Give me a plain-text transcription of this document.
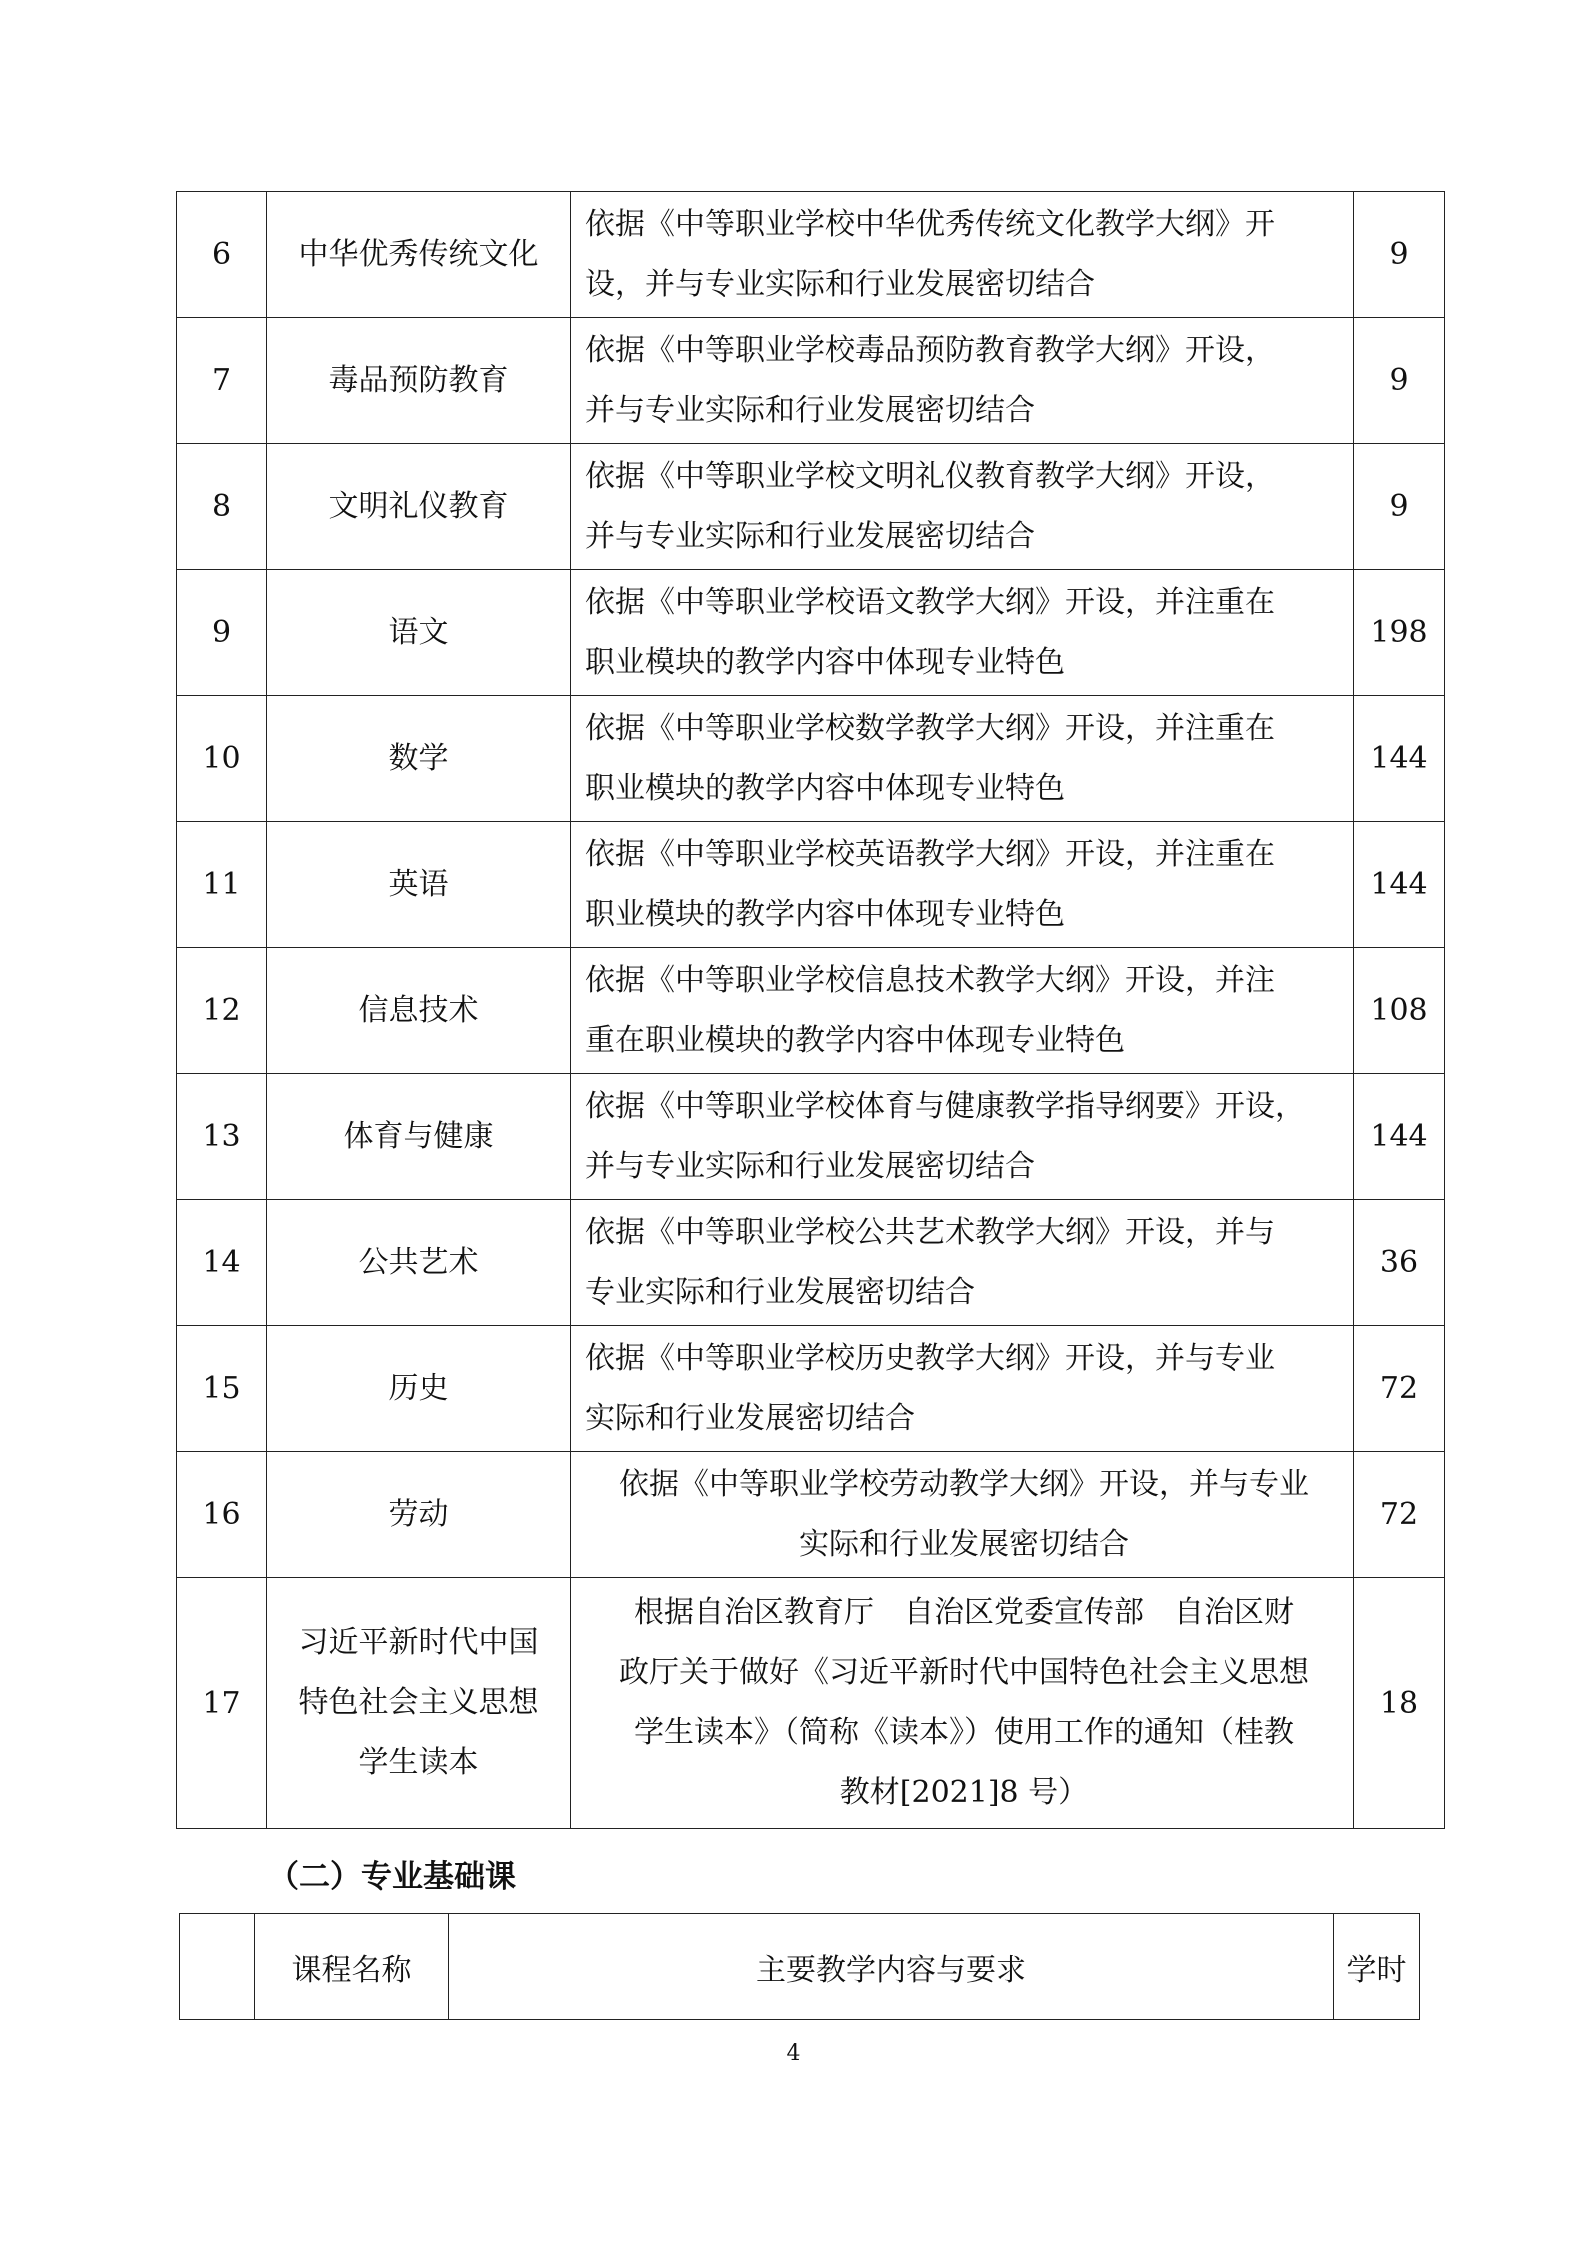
6	中华优秀传统文化	依据《中等职业学校中华优秀传统文化教学大纲》开
设，并与专业实际和行业发展密切结合	9
7	毒品预防教育	依据《中等职业学校毒品预防教育教学大纲》开设，
并与专业实际和行业发展密切结合	9
8	文明礼仪教育	依据《中等职业学校文明礼仪教育教学大纲》开设，
并与专业实际和行业发展密切结合	9
9	语文	依据《中等职业学校语文教学大纲》开设，并注重在
职业模块的教学内容中体现专业特色	198
10	数学	依据《中等职业学校数学教学大纲》开设，并注重在
职业模块的教学内容中体现专业特色	144
11	英语	依据《中等职业学校英语教学大纲》开设，并注重在
职业模块的教学内容中体现专业特色	144
12	信息技术	依据《中等职业学校信息技术教学大纲》开设，并注
重在职业模块的教学内容中体现专业特色	108
13	体育与健康	依据《中等职业学校体育与健康教学指导纲要》开设，
并与专业实际和行业发展密切结合	144
14	公共艺术	依据《中等职业学校公共艺术教学大纲》开设，并与
专业实际和行业发展密切结合	36
15	历史	依据《中等职业学校历史教学大纲》开设，并与专业
实际和行业发展密切结合	72
16	劳动	依据《中等职业学校劳动教学大纲》开设，并与专业
实际和行业发展密切结合	72
17	习近平新时代中国
特色社会主义思想
学生读本	根据自治区教育厅　自治区党委宣传部　自治区财
政厅关于做好《习近平新时代中国特色社会主义思想
学生读本》（简称《读本》）使用工作的通知（桂教
教材[2021]8 号）	18
（二）专业基础课
	课程名称	主要教学内容与要求	学时
4
